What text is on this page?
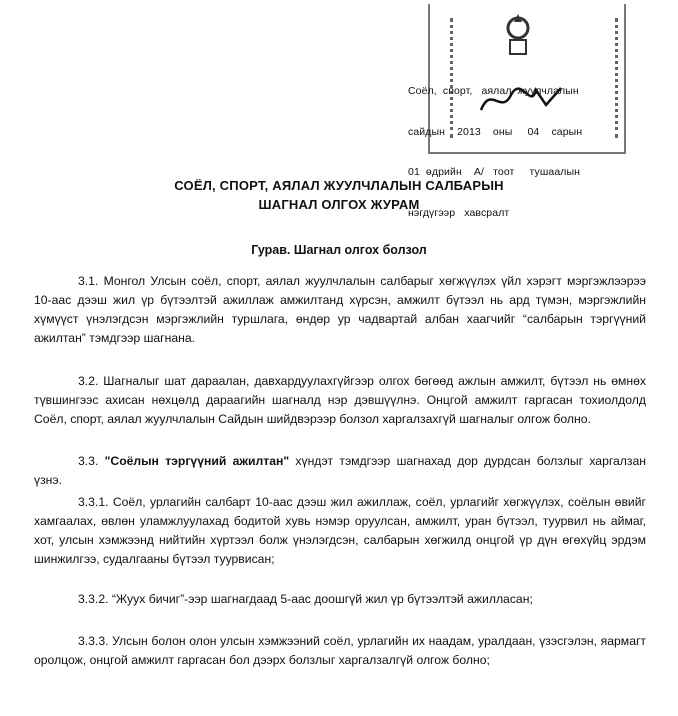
Соёл,  спорт,   аялал  жуулчлалын

сайдын    2013    оны     04    сарын

01  өдрийн    A/   тоот     тушаалын

нэгдүгээр   хавсралт

СОЁЛ, СПОРТ, АЯЛАЛ ЖУУЛЧЛАЛЫН САЛБАРЫН
ШАГНАЛ ОЛГОХ ЖУРАМ
Гурав. Шагнал олгох болзол

3.1. Монгол Улсын соёл, спорт, аялал жуулчлалын салбарыг хөгжүүлэх үйл хэрэгт мэргэжлээрээ 10-аас дээш жил үр бүтээлтэй ажиллаж амжилтанд хүрсэн, амжилт бүтээл нь ард түмэн, мэргэжлийн хүмүүст үнэлэгдсэн мэргэжлийн туршлага, өндөр ур чадвартай албан хаагчийг “салбарын тэргүүний ажилтан” тэмдгээр шагнана.

3.2. Шагналыг шат дараалан, давхардуулахгүйгээр олгох бөгөөд ажлын амжилт, бүтээл нь өмнөх түвшингээс ахисан нөхцөлд дараагийн шагналд нэр дэвшүүлнэ. Онцгой амжилт гаргасан тохиолдолд Соёл, спорт, аялал жуулчлалын Сайдын шийдвэрээр болзол харгалзахгүй шагналыг олгож болно.

3.3. "Соёлын тэргүүний ажилтан" хүндэт тэмдгээр шагнахад дор дурдсан болзлыг харгалзан үзнэ.

3.3.1. Соёл, урлагийн салбарт 10-аас дээш жил ажиллаж, соёл, урлагийг хөгжүүлэх, соёлын өвийг хамгаалах, өвлөн уламжлуулахад бодитой хувь нэмэр оруулсан, амжилт, уран бүтээл, туурвил нь аймаг, хот, улсын хэмжээнд нийтийн хүртээл болж үнэлэгдсэн, салбарын хөгжилд онцгой үр дүн өгөхүйц эрдэм шинжилгээ, судалгааны бүтээл туурвисан;

3.3.2. “Жуух бичиг”-ээр шагнагдаад 5-аас доошгүй жил үр бүтээлтэй ажилласан;

3.3.3. Улсын болон олон улсын хэмжээний соёл, урлагийн их наадам, уралдаан, үзэсгэлэн, яармагт оролцож, онцгой амжилт гаргасан бол дээрх болзлыг харгалзалгүй олгож болно;
